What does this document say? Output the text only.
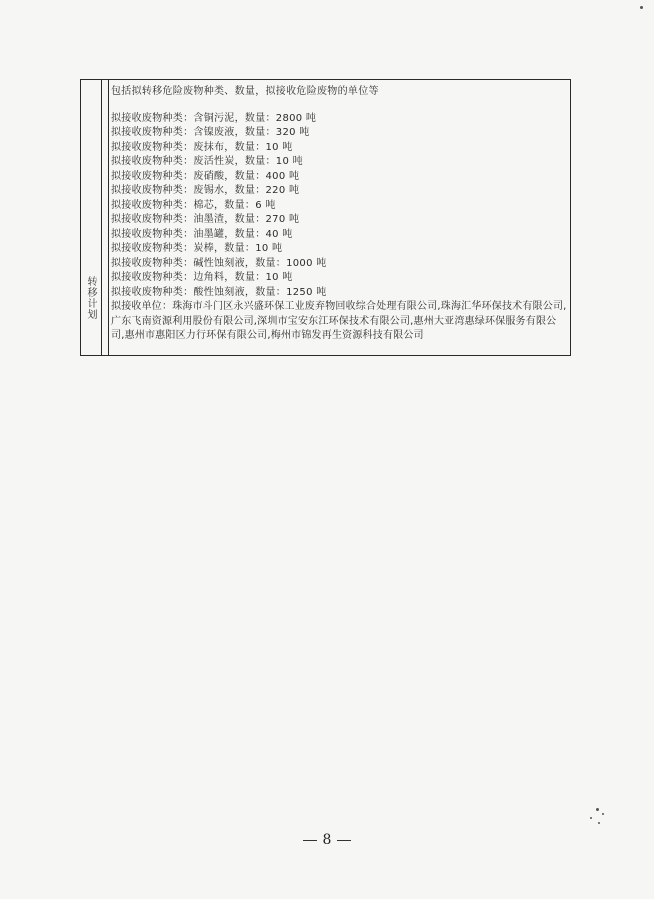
转移计划

包括拟转移危险废物种类、数量，拟接收危险废物的单位等

拟接收废物种类：含铜污泥，数量：2800 吨

拟接收废物种类：含镍废液，数量：320 吨

拟接收废物种类：废抹布，数量：10 吨

拟接收废物种类：废活性炭，数量：10 吨

拟接收废物种类：废硝酸，数量：400 吨

拟接收废物种类：废锡水，数量：220 吨

拟接收废物种类：棉芯，数量：6 吨

拟接收废物种类：油墨渣，数量：270 吨

拟接收废物种类：油墨罐，数量：40 吨

拟接收废物种类：炭棒，数量：10 吨

拟接收废物种类：碱性蚀刻液，数量：1000 吨

拟接收废物种类：边角料，数量：10 吨

拟接收废物种类：酸性蚀刻液，数量：1250 吨

拟接收单位：珠海市斗门区永兴盛环保工业废弃物回收综合处理有限公司,珠海汇华环保技术有限公司,广东飞南资源利用股份有限公司,深圳市宝安东江环保技术有限公司,惠州大亚湾惠绿环保服务有限公司,惠州市惠阳区力行环保有限公司,梅州市锦发再生资源科技有限公司

8
